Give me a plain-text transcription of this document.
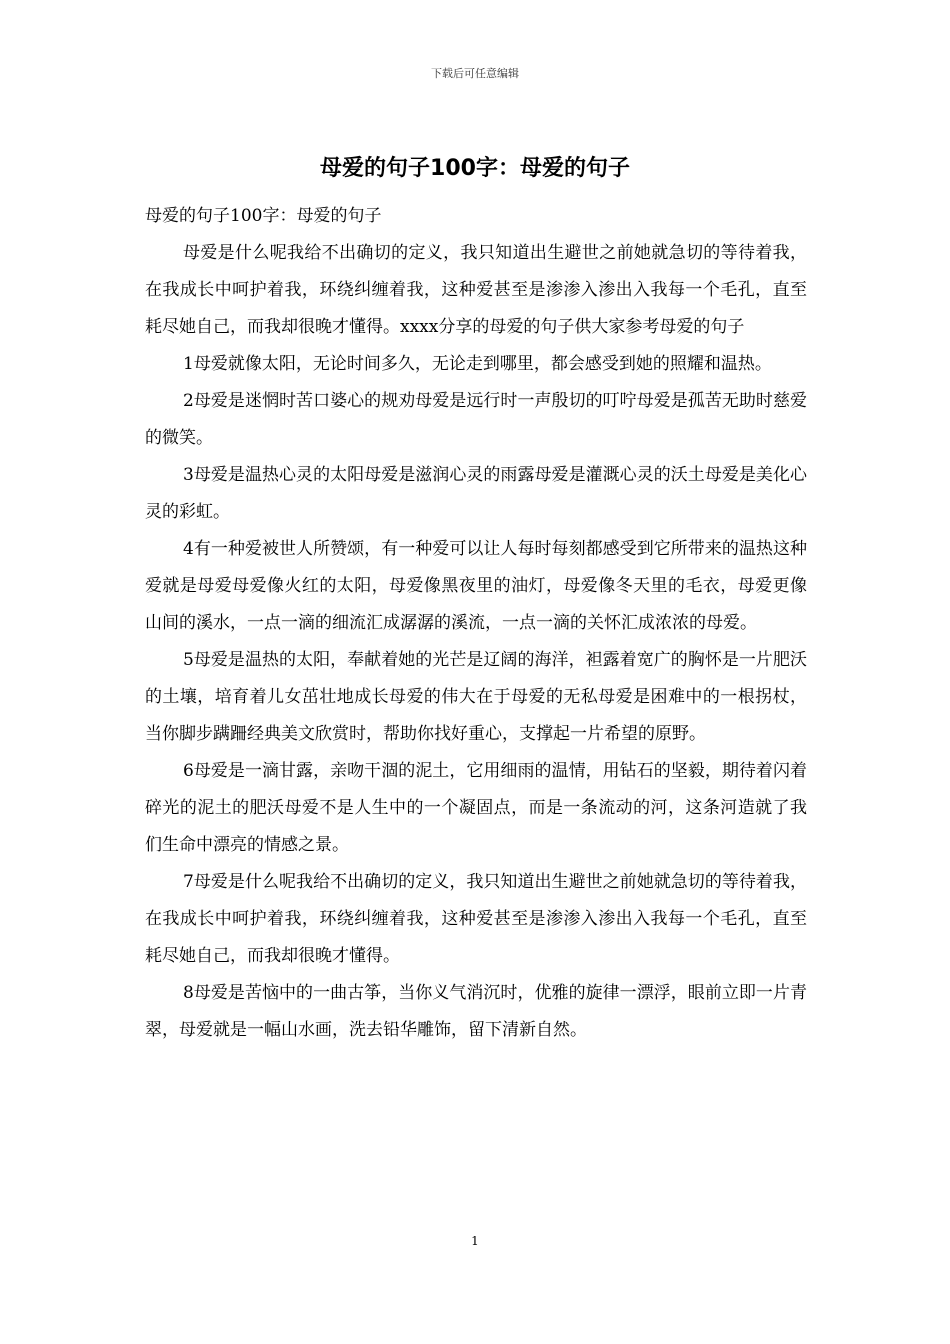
下载后可任意编辑
母爱的句子100字：母爱的句子

母爱的句子100字：母爱的句子

母爱是什么呢我给不出确切的定义，我只知道出生避世之前她就急切的等待着我，在我成长中呵护着我，环绕纠缠着我，这种爱甚至是渗渗入渗出入我每一个毛孔，直至耗尽她自己，而我却很晚才懂得。xxxx分享的母爱的句子供大家参考母爱的句子

1母爱就像太阳，无论时间多久，无论走到哪里，都会感受到她的照耀和温热。

2母爱是迷惘时苦口婆心的规劝母爱是远行时一声殷切的叮咛母爱是孤苦无助时慈爱的微笑。

3母爱是温热心灵的太阳母爱是滋润心灵的雨露母爱是灌溉心灵的沃土母爱是美化心灵的彩虹。

4有一种爱被世人所赞颂，有一种爱可以让人每时每刻都感受到它所带来的温热这种爱就是母爱母爱像火红的太阳，母爱像黑夜里的油灯，母爱像冬天里的毛衣，母爱更像山间的溪水，一点一滴的细流汇成潺潺的溪流，一点一滴的关怀汇成浓浓的母爱。

5母爱是温热的太阳，奉献着她的光芒是辽阔的海洋，袒露着宽广的胸怀是一片肥沃的土壤，培育着儿女茁壮地成长母爱的伟大在于母爱的无私母爱是困难中的一根拐杖，当你脚步蹒跚经典美文欣赏时，帮助你找好重心，支撑起一片希望的原野。

6母爱是一滴甘露，亲吻干涸的泥土，它用细雨的温情，用钻石的坚毅，期待着闪着碎光的泥土的肥沃母爱不是人生中的一个凝固点，而是一条流动的河，这条河造就了我们生命中漂亮的情感之景。

7母爱是什么呢我给不出确切的定义，我只知道出生避世之前她就急切的等待着我，在我成长中呵护着我，环绕纠缠着我，这种爱甚至是渗渗入渗出入我每一个毛孔，直至耗尽她自己，而我却很晚才懂得。

8母爱是苦恼中的一曲古筝，当你义气消沉时，优雅的旋律一漂浮，眼前立即一片青翠，母爱就是一幅山水画，洗去铅华雕饰，留下清新自然。

1
